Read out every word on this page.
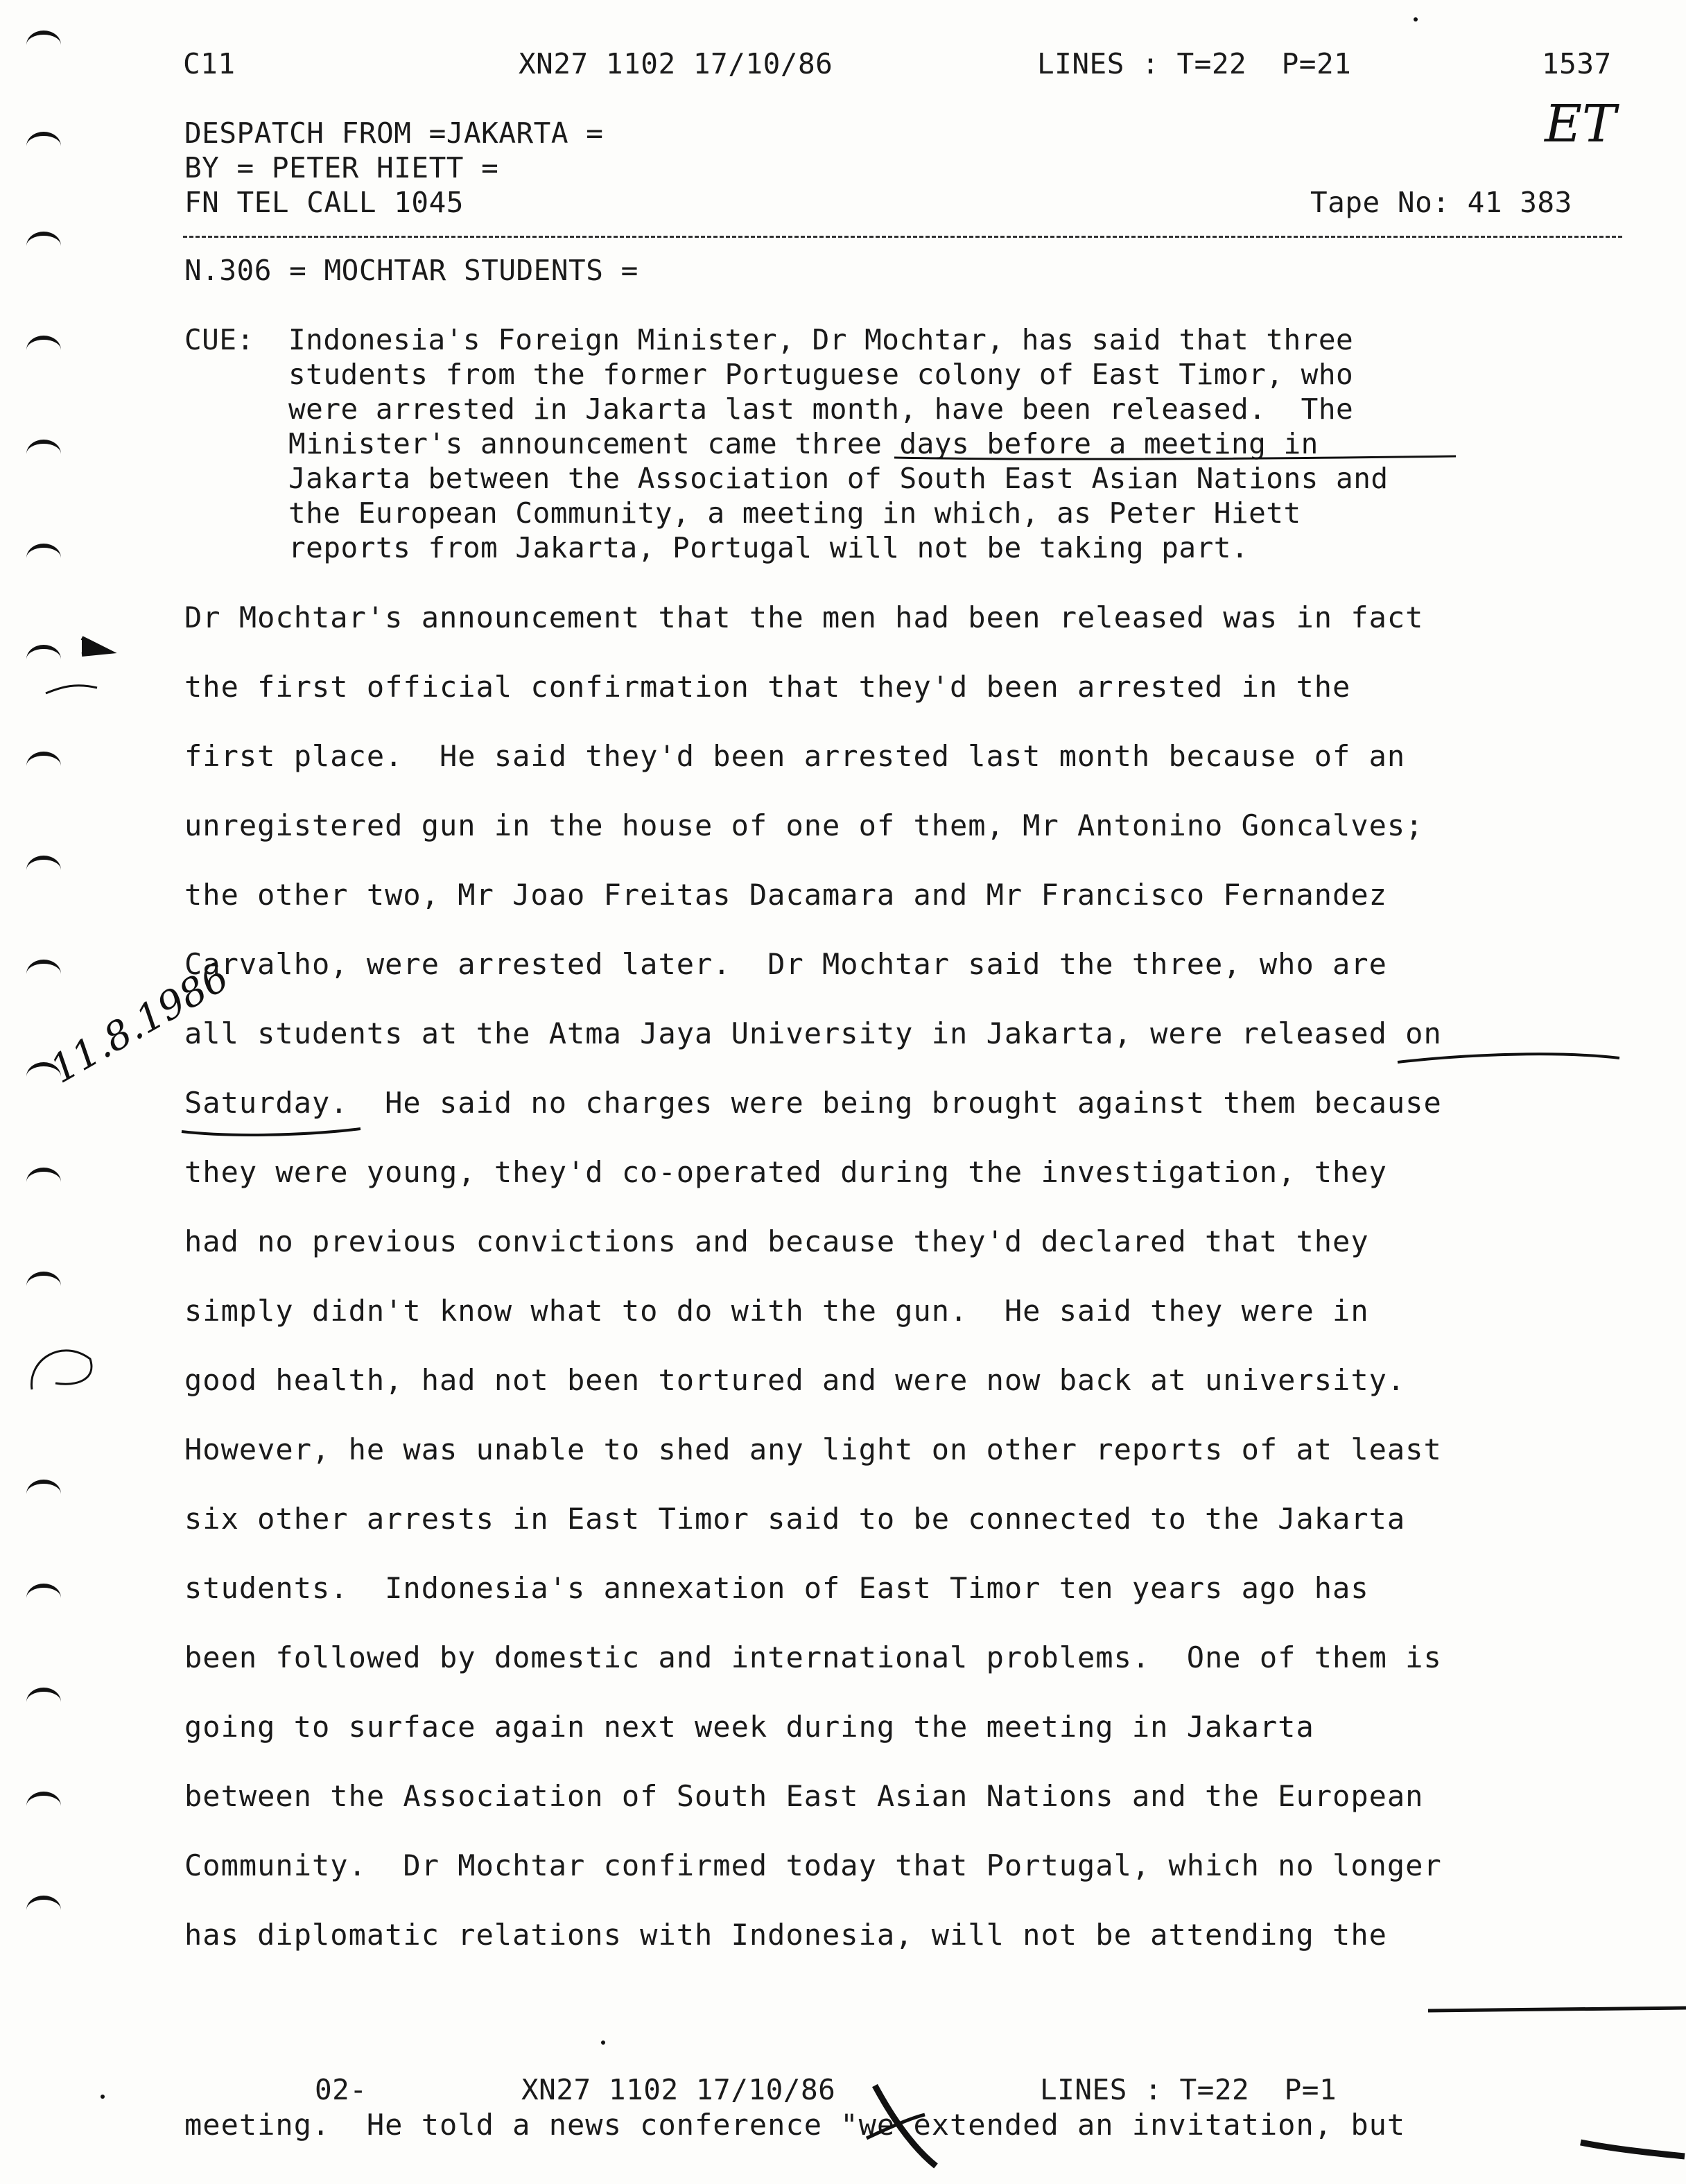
C11	XN27 1102 17/10/86	LINES : T=22  P=21	1537
ET
DESPATCH FROM =JAKARTA =
BY = PETER HIETT =
FN TEL CALL 1045	Tape No: 41 383
N.306 = MOCHTAR STUDENTS =
CUE: Indonesia's Foreign Minister, Dr Mochtar, has said that three
students from the former Portuguese colony of East Timor, who
were arrested in Jakarta last month, have been released.  The
Minister's announcement came three days before a meeting in
Jakarta between the Association of South East Asian Nations and
the European Community, a meeting in which, as Peter Hiett
reports from Jakarta, Portugal will not be taking part.
Dr Mochtar's announcement that the men had been released was in fact
the first official confirmation that they'd been arrested in the
first place.  He said they'd been arrested last month because of an
unregistered gun in the house of one of them, Mr Antonino Goncalves;
the other two, Mr Joao Freitas Dacamara and Mr Francisco Fernandez
Carvalho, were arrested later.  Dr Mochtar said the three, who are
all students at the Atma Jaya University in Jakarta, were released on
Saturday.  He said no charges were being brought against them because
they were young, they'd co-operated during the investigation, they
had no previous convictions and because they'd declared that they
simply didn't know what to do with the gun.  He said they were in
good health, had not been tortured and were now back at university.
However, he was unable to shed any light on other reports of at least
six other arrests in East Timor said to be connected to the Jakarta
students.  Indonesia's annexation of East Timor ten years ago has
been followed by domestic and international problems.  One of them is
going to surface again next week during the meeting in Jakarta
between the Association of South East Asian Nations and the European
Community.  Dr Mochtar confirmed today that Portugal, which no longer
has diplomatic relations with Indonesia, will not be attending the
11.8.1986
02-	XN27 1102 17/10/86	LINES : T=22  P=1
meeting.  He told a news conference "we extended an invitation, but
